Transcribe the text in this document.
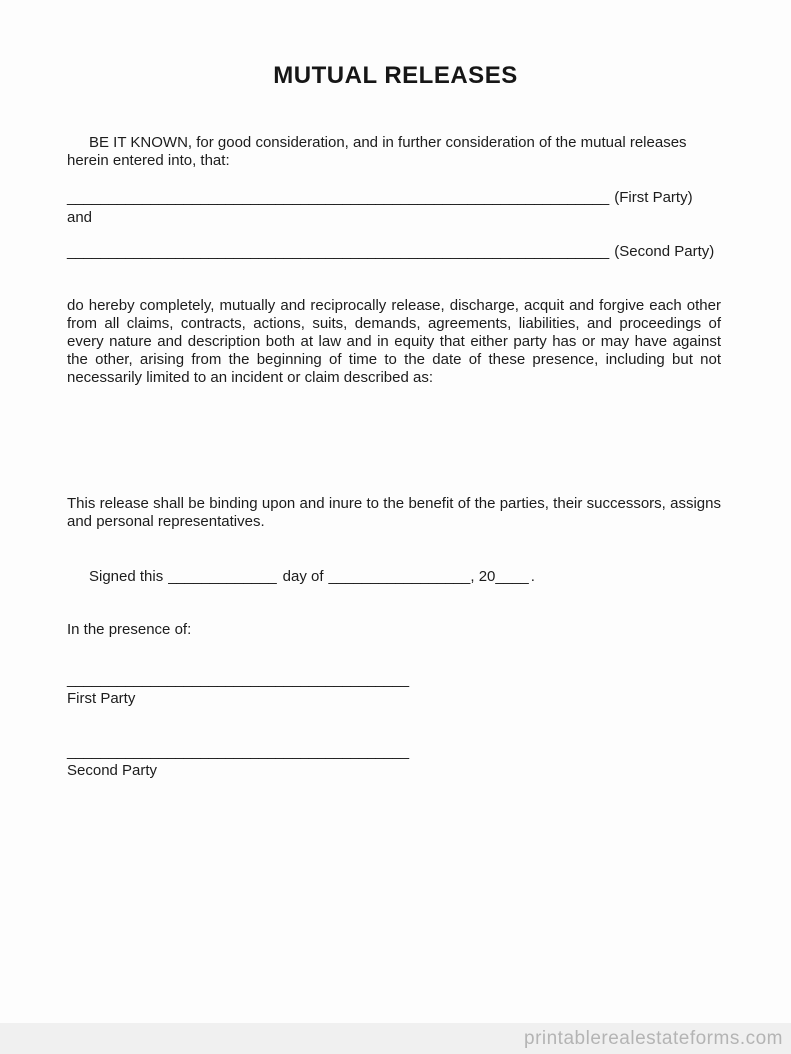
MUTUAL RELEASES

BE IT KNOWN, for good consideration, and in further consideration of the mutual releases herein entered into, that:

_________________________________________________________________ (First Party)
and
_________________________________________________________________ (Second Party)

do hereby completely, mutually and reciprocally release, discharge, acquit and forgive each other from all claims, contracts, actions, suits, demands, agreements, liabilities, and proceedings of every nature and description both at law and in equity that either party has or may have against the other, arising from the beginning of time to the date of these presence, including but not necessarily limited to an incident or claim described as:

This release shall be binding upon and inure to the benefit of the parties, their successors, assigns and personal representatives.

Signed this _____________ day of _________________, 20____ .
In the presence of:
_________________________________________
First Party
_________________________________________
Second Party
printablerealestateforms.com
